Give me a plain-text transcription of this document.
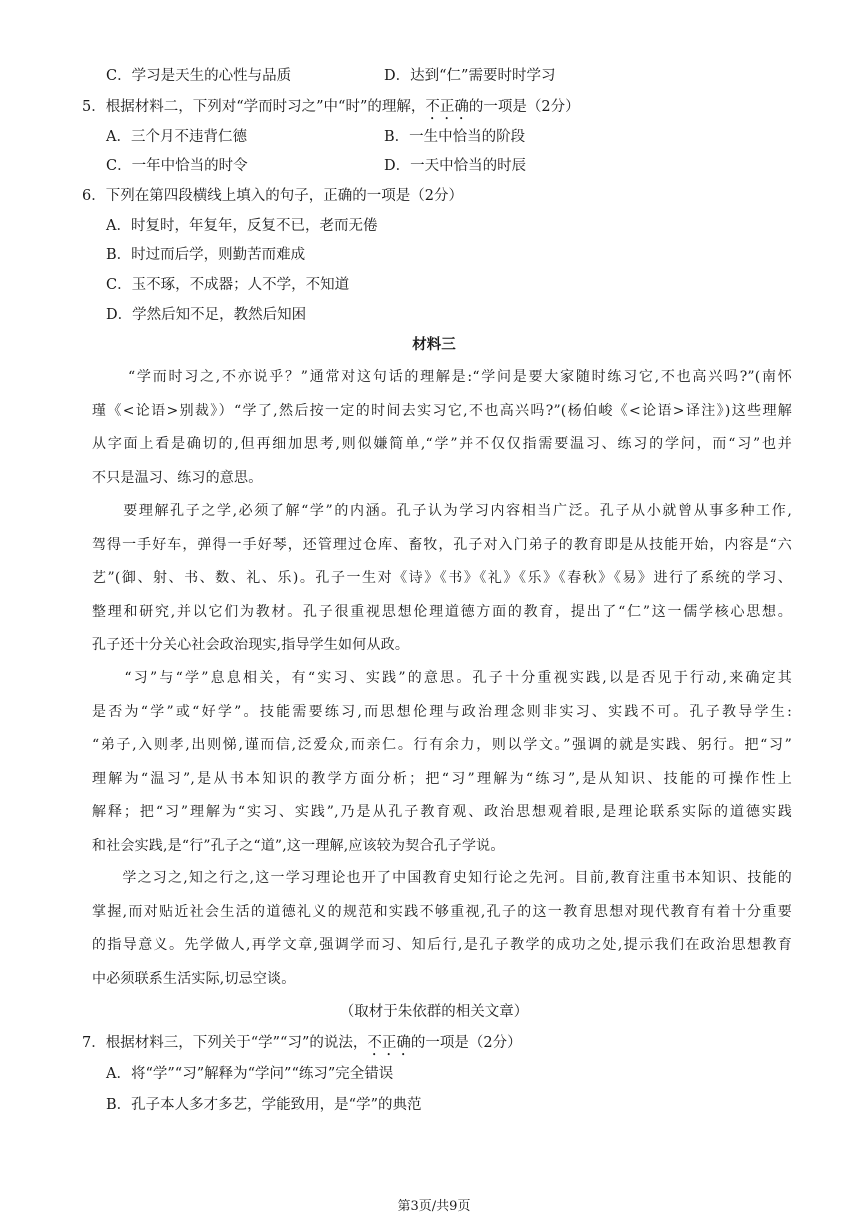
C．学习是天生的心性与品质	D．达到“仁”需要时时学习
5．根据材料二，下列对“学而时习之”中“时”的理解，不正确的一项是（2分）
A．三个月不违背仁德	B．一生中恰当的阶段
C．一年中恰当的时令	D．一天中恰当的时辰
6．下列在第四段横线上填入的句子，正确的一项是（2分）
A．时复时，年复年，反复不已，老而无倦
B．时过而后学，则勤苦而难成
C．玉不琢，不成器；人不学，不知道
D．学然后知不足，教然后知困
材料三
“学而时习之,不亦说乎？”通常对这句话的理解是:“学问是要大家随时练习它,不也高兴吗?”(南怀
瑾《<论语>别裁》）“学了,然后按一定的时间去实习它,不也高兴吗?”(杨伯峻《<论语>译注》)这些理解
从字面上看是确切的,但再细加思考,则似嫌简单,“学”并不仅仅指需要温习、练习的学问，而“习”也并
不只是温习、练习的意思。
　　要理解孔子之学,必须了解“学”的内涵。孔子认为学习内容相当广泛。孔子从小就曾从事多种工作,
驾得一手好车，弹得一手好琴，还管理过仓库、畜牧，孔子对入门弟子的教育即是从技能开始，内容是“六
艺”(御、射、书、数、礼、乐)。孔子一生对《诗》《书》《礼》《乐》《春秋》《易》进行了系统的学习、
整理和研究,并以它们为教材。孔子很重视思想伦理道德方面的教育，提出了“仁”这一儒学核心思想。
孔子还十分关心社会政治现实,指导学生如何从政。
　　“习”与“学”息息相关，有“实习、实践”的意思。孔子十分重视实践,以是否见于行动,来确定其
是否为“学”或“好学”。技能需要练习,而思想伦理与政治理念则非实习、实践不可。孔子教导学生:
“弟子,入则孝,出则悌,谨而信,泛爱众,而亲仁。行有余力，则以学文。”强调的就是实践、躬行。把“习”
理解为“温习”,是从书本知识的教学方面分析；把“习”理解为“练习”,是从知识、技能的可操作性上
解释；把“习”理解为“实习、实践”,乃是从孔子教育观、政治思想观着眼,是理论联系实际的道德实践
和社会实践,是“行”孔子之“道”,这一理解,应该较为契合孔子学说。
　　学之习之,知之行之,这一学习理论也开了中国教育史知行论之先河。目前,教育注重书本知识、技能的
掌握,而对贴近社会生活的道德礼义的规范和实践不够重视,孔子的这一教育思想对现代教育有着十分重要
的指导意义。先学做人,再学文章,强调学而习、知后行,是孔子教学的成功之处,提示我们在政治思想教育
中必须联系生活实际,切忌空谈。
（取材于朱依群的相关文章）
7．根据材料三，下列关于“学”“习”的说法，不正确的一项是（2分）
A．将“学”“习”解释为“学问”“练习”完全错误
B．孔子本人多才多艺，学能致用，是“学”的典范
第3页/共9页
